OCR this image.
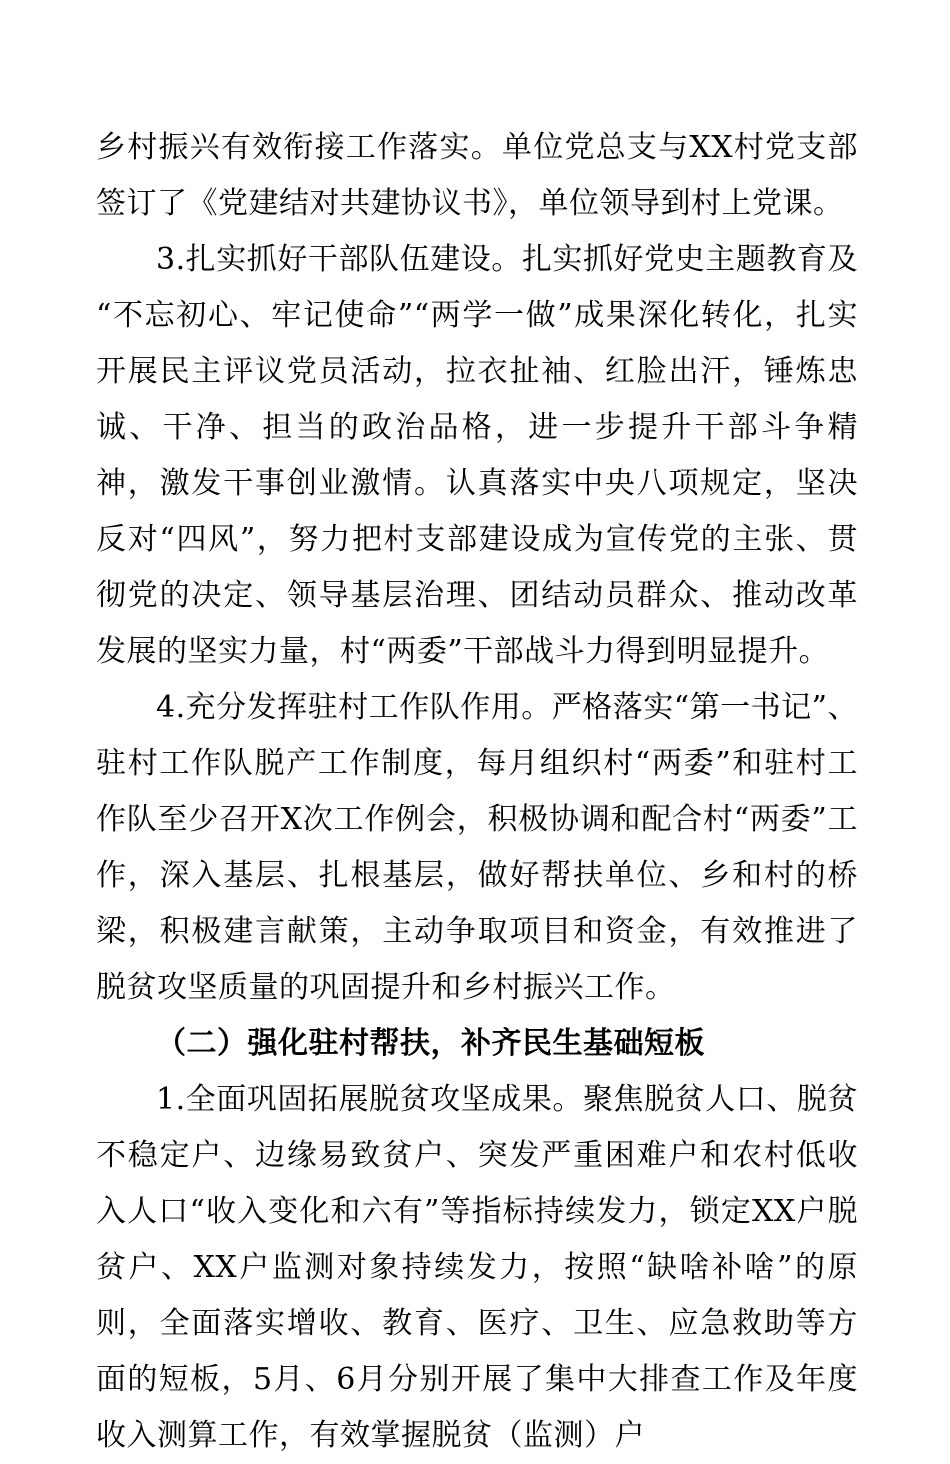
乡村振兴有效衔接工作落实。单位党总支与XX村党支部签订了《党建结对共建协议书》，单位领导到村上党课。

3.扎实抓好干部队伍建设。扎实抓好党史主题教育及“不忘初心、牢记使命”“两学一做”成果深化转化，扎实开展民主评议党员活动，拉衣扯袖、红脸出汗，锤炼忠诚、干净、担当的政治品格，进一步提升干部斗争精神，激发干事创业激情。认真落实中央八项规定，坚决反对“四风”，努力把村支部建设成为宣传党的主张、贯彻党的决定、领导基层治理、团结动员群众、推动改革发展的坚实力量，村“两委”干部战斗力得到明显提升。

4.充分发挥驻村工作队作用。严格落实“第一书记”、驻村工作队脱产工作制度，每月组织村“两委”和驻村工作队至少召开X次工作例会，积极协调和配合村“两委”工作，深入基层、扎根基层，做好帮扶单位、乡和村的桥梁，积极建言献策，主动争取项目和资金，有效推进了脱贫攻坚质量的巩固提升和乡村振兴工作。

（二）强化驻村帮扶，补齐民生基础短板

1.全面巩固拓展脱贫攻坚成果。聚焦脱贫人口、脱贫不稳定户、边缘易致贫户、突发严重困难户和农村低收入人口“收入变化和六有”等指标持续发力，锁定XX户脱贫户、XX户监测对象持续发力，按照“缺啥补啥”的原则，全面落实增收、教育、医疗、卫生、应急救助等方面的短板，5月、6月分别开展了集中大排查工作及年度收入测算工作，有效掌握脱贫（监测）户
